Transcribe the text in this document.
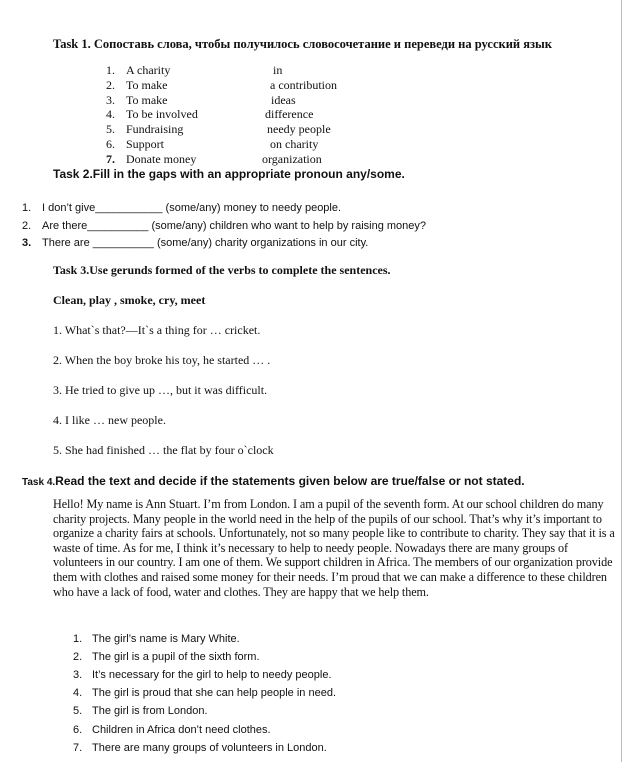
Task 1. Сопоставь слова, чтобы получилось словосочетание и переведи на русский язык
1. A charity
2. To make
3. To make
4. To be involved
5. Fundraising
6. Support
7. Donate money
in
a contribution
ideas
difference
needy people
on charity
organization
Task 2.Fill in the gaps with an appropriate pronoun any/some.
1. I don’t give___________ (some/any) money to needy people.
2. Are there__________ (some/any) children who want to help by raising money?
3. There are __________ (some/any) charity organizations in our city.
Task 3.Use gerunds formed of the verbs to complete the sentences.
Clean, play , smoke, cry, meet
1. What`s that?—It`s a thing for … cricket.
2. When the boy broke his toy, he started … .
3. He tried to give up …, but it was difficult.
4. I like … new people.
5. She had finished … the flat by four o`clock
Task 4.Read the text and decide if the statements given below are true/false or not stated.
Hello! My name is Ann Stuart. I’m from London. I am a pupil of the seventh form. At our school children do many charity projects. Many people in the world need in the help of the pupils of our school. That’s why it’s important to organize a charity fairs at schools. Unfortunately, not so many people like to contribute to charity. They say that it is a waste of time. As for me, I think it’s necessary to help to needy people. Nowadays there are many groups of volunteers in our country. I am one of them. We support children in Africa. The members of our organization provide them with clothes and raised some money for their needs. I’m proud that we can make a difference to these children who have a lack of food, water and clothes. They are happy that we help them.
1. The girl’s name is Mary White.
2. The girl is a pupil of the sixth form.
3. It’s necessary for the girl to help to needy people.
4. The girl is proud that she can help people in need.
5. The girl is from London.
6. Children in Africa don’t need clothes.
7. There are many groups of volunteers in London.
